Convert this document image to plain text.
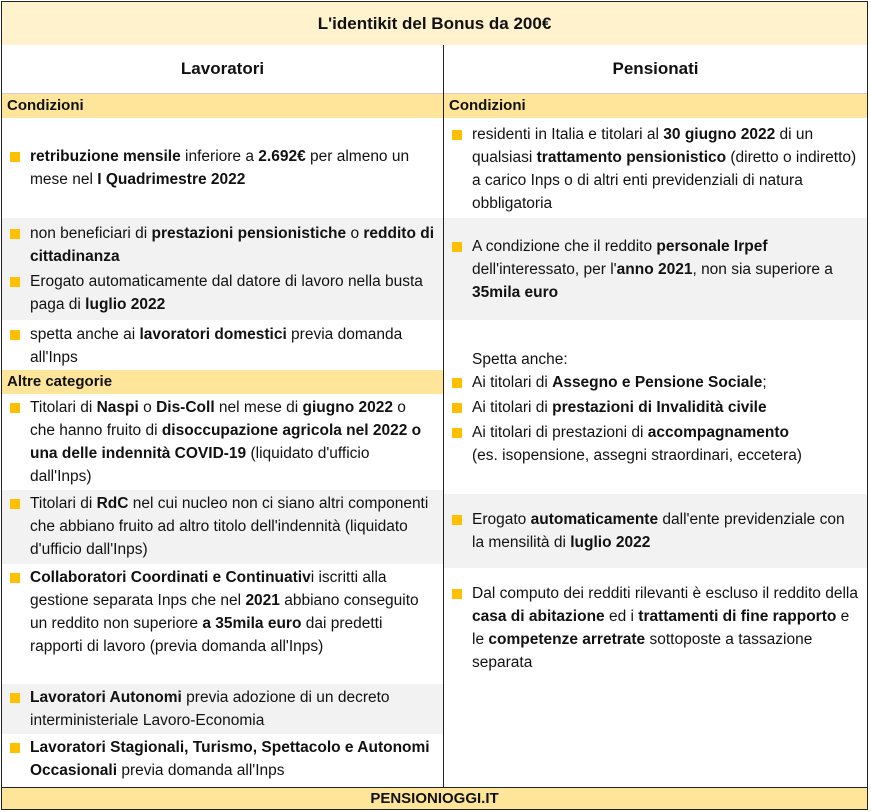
L'identikit del Bonus da 200€
Lavoratori
Condizioni
retribuzione mensile inferiore a 2.692€ per almeno un mese nel I Quadrimestre 2022
non beneficiari di prestazioni pensionistiche o reddito di cittadinanza
Erogato automaticamente dal datore di lavoro nella busta paga di luglio 2022
spetta anche ai lavoratori domestici previa domanda all'Inps
Altre categorie
Titolari di Naspi o Dis-Coll nel mese di giugno 2022 o che hanno fruito di disoccupazione agricola nel 2022 o una delle indennità COVID-19 (liquidato d'ufficio dall'Inps)
Titolari di RdC nel cui nucleo non ci siano altri componenti che abbiano fruito ad altro titolo dell'indennità (liquidato d'ufficio dall'Inps)
Collaboratori Coordinati e Continuativi iscritti alla gestione separata Inps che nel 2021 abbiano conseguito un reddito non superiore a 35mila euro dai predetti rapporti di lavoro (previa domanda all'Inps)
Lavoratori Autonomi previa adozione di un decreto interministeriale Lavoro-Economia
Lavoratori Stagionali, Turismo, Spettacolo e Autonomi Occasionali previa domanda all'Inps
Pensionati
Condizioni
residenti in Italia e titolari al 30 giugno 2022 di un qualsiasi trattamento pensionistico (diretto o indiretto) a carico Inps o di altri enti previdenziali di natura obbligatoria
A condizione che il reddito personale Irpef dell'interessato, per l'anno 2021, non sia superiore a 35mila euro
Spetta anche:
Ai titolari di Assegno e Pensione Sociale;
Ai titolari di prestazioni di Invalidità civile
Ai titolari di prestazioni di accompagnamento
(es. isopensione, assegni straordinari, eccetera)
Erogato automaticamente dall'ente previdenziale con la mensilità di luglio 2022
Dal computo dei redditi rilevanti è escluso il reddito della casa di abitazione ed i trattamenti di fine rapporto e le competenze arretrate sottoposte a tassazione separata
PENSIONIOGGI.IT
